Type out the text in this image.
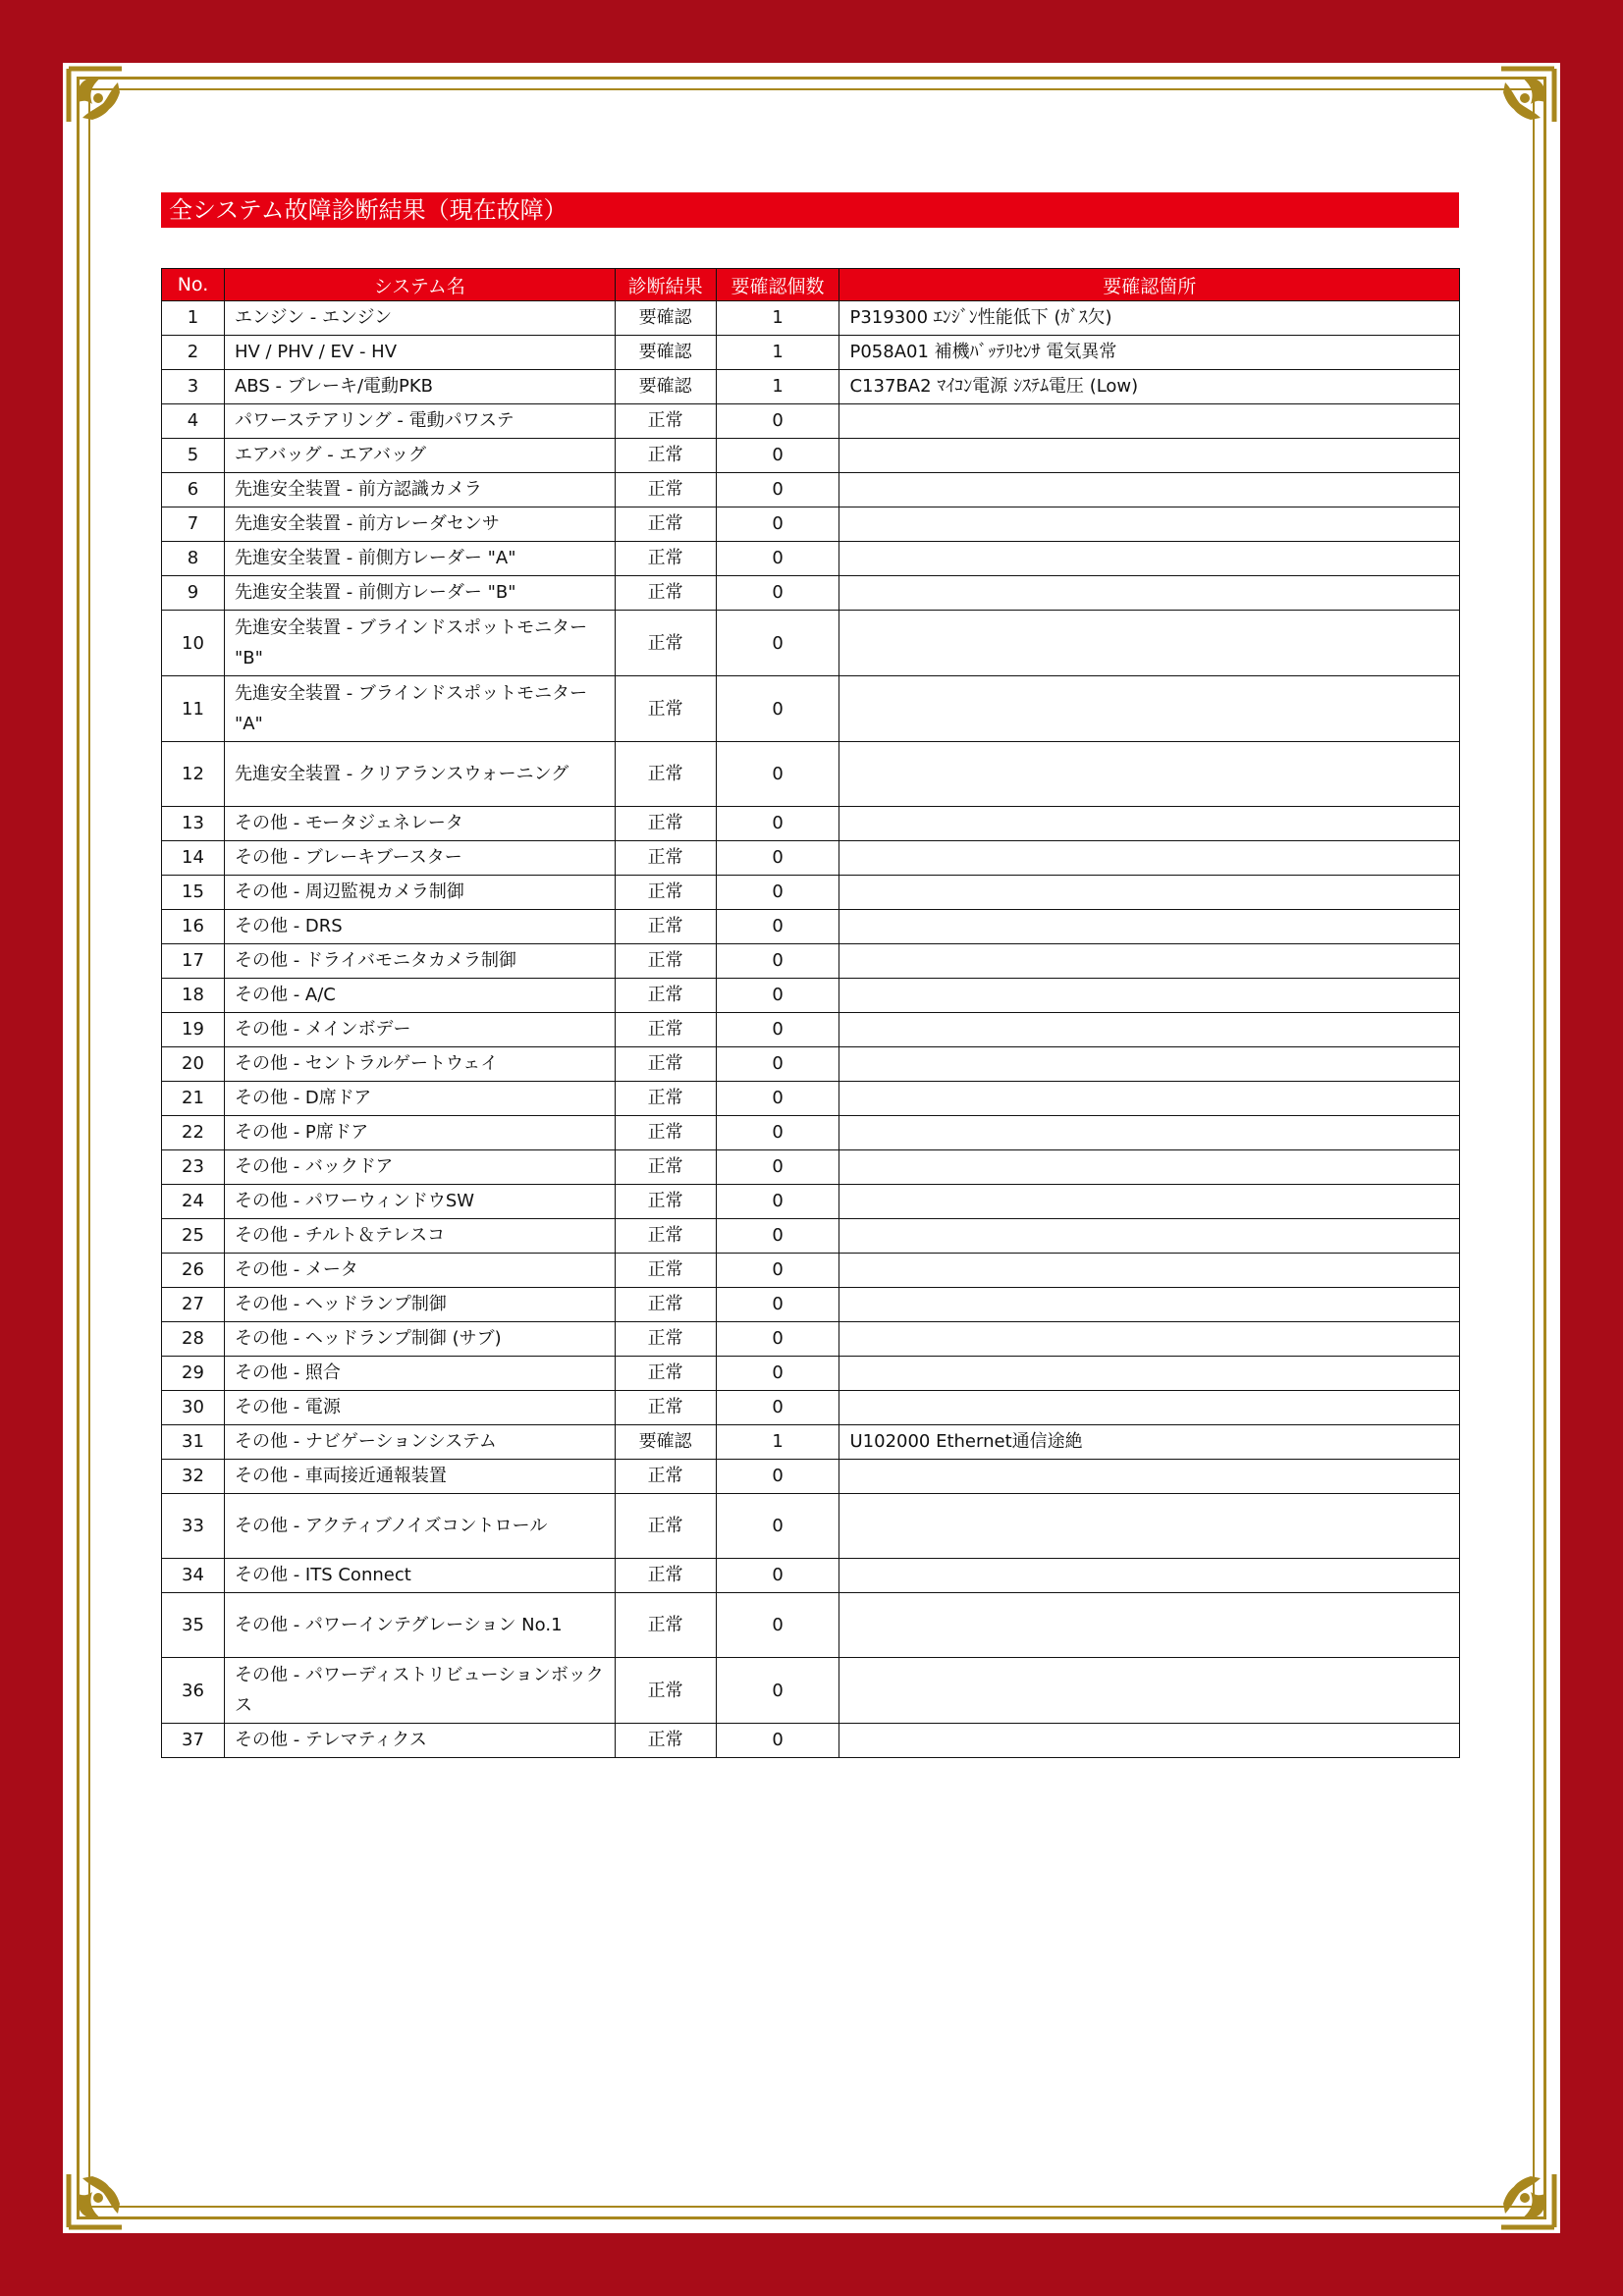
全システム故障診断結果（現在故障）
No.	システム名	診断結果	要確認個数	要確認箇所
1	エンジン - エンジン	要確認	1	P319300 ｴﾝｼﾞﾝ性能低下 (ｶﾞｽ欠)
2	HV / PHV / EV - HV	要確認	1	P058A01 補機ﾊﾞｯﾃﾘｾﾝｻ 電気異常
3	ABS - ブレーキ/電動PKB	要確認	1	C137BA2 ﾏｲｺﾝ電源 ｼｽﾃﾑ電圧 (Low)
4	パワーステアリング - 電動パワステ	正常	0	
5	エアバッグ - エアバッグ	正常	0	
6	先進安全装置 - 前方認識カメラ	正常	0	
7	先進安全装置 - 前方レーダセンサ	正常	0	
8	先進安全装置 - 前側方レーダー "A"	正常	0	
9	先進安全装置 - 前側方レーダー "B"	正常	0	
10	先進安全装置 - ブラインドスポットモニター "B"	正常	0	
11	先進安全装置 - ブラインドスポットモニター "A"	正常	0	
12	先進安全装置 - クリアランスウォーニング	正常	0	
13	その他 - モータジェネレータ	正常	0	
14	その他 - ブレーキブースター	正常	0	
15	その他 - 周辺監視カメラ制御	正常	0	
16	その他 - DRS	正常	0	
17	その他 - ドライバモニタカメラ制御	正常	0	
18	その他 - A/C	正常	0	
19	その他 - メインボデー	正常	0	
20	その他 - セントラルゲートウェイ	正常	0	
21	その他 - D席ドア	正常	0	
22	その他 - P席ドア	正常	0	
23	その他 - バックドア	正常	0	
24	その他 - パワーウィンドウSW	正常	0	
25	その他 - チルト＆テレスコ	正常	0	
26	その他 - メータ	正常	0	
27	その他 - ヘッドランプ制御	正常	0	
28	その他 - ヘッドランプ制御 (サブ)	正常	0	
29	その他 - 照合	正常	0	
30	その他 - 電源	正常	0	
31	その他 - ナビゲーションシステム	要確認	1	U102000 Ethernet通信途絶
32	その他 - 車両接近通報装置	正常	0	
33	その他 - アクティブノイズコントロール	正常	0	
34	その他 - ITS Connect	正常	0	
35	その他 - パワーインテグレーション No.1	正常	0	
36	その他 - パワーディストリビューションボックス	正常	0	
37	その他 - テレマティクス	正常	0	
